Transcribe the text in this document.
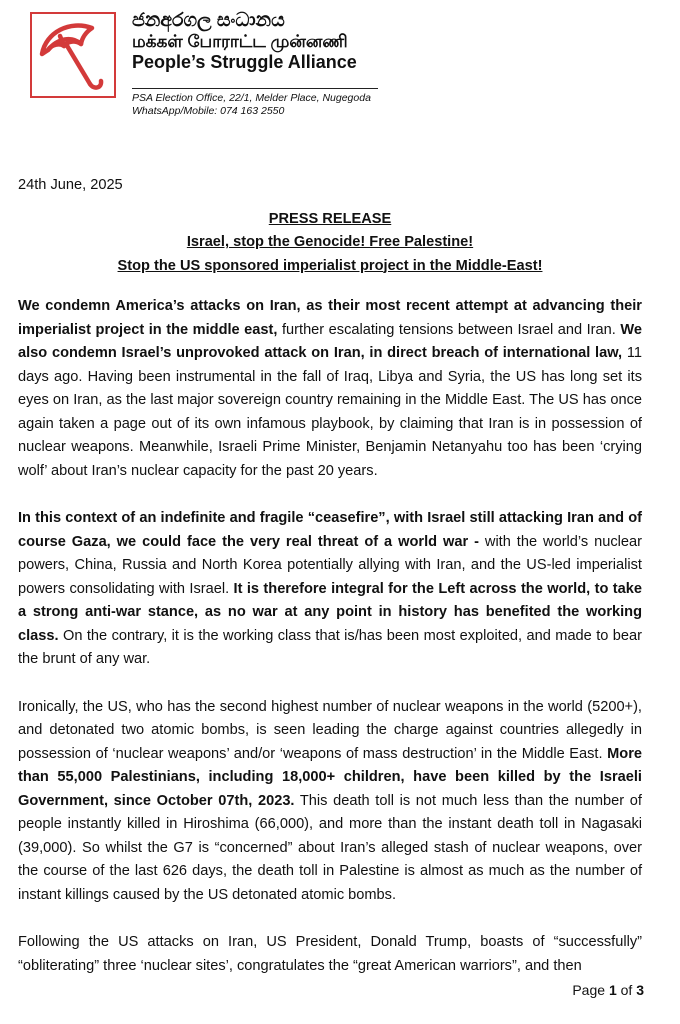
ජනඅරගල සංධානය
மக்கள் போராட்ட முன்னணி
People’s Struggle Alliance
PSA Election Office, 22/1, Melder Place, Nugegoda
WhatsApp/Mobile: 074 163 2550

24th June, 2025

PRESS RELEASE

Israel, stop the Genocide! Free Palestine!

Stop the US sponsored imperialist project in the Middle-East!

We condemn America’s attacks on Iran, as their most recent attempt at advancing their imperialist project in the middle east, further escalating tensions between Israel and Iran. We also condemn Israel’s unprovoked attack on Iran, in direct breach of international law, 11 days ago. Having been instrumental in the fall of Iraq, Libya and Syria, the US has long set its eyes on Iran, as the last major sovereign country remaining in the Middle East. The US has once again taken a page out of its own infamous playbook, by claiming that Iran is in possession of nuclear weapons. Meanwhile, Israeli Prime Minister, Benjamin Netanyahu too has been ‘crying wolf’ about Iran’s nuclear capacity for the past 20 years.

In this context of an indefinite and fragile “ceasefire”, with Israel still attacking Iran and of course Gaza, we could face the very real threat of a world war - with the world’s nuclear powers, China, Russia and North Korea potentially allying with Iran, and the US-led imperialist powers consolidating with Israel. It is therefore integral for the Left across the world, to take a strong anti-war stance, as no war at any point in history has benefited the working class. On the contrary, it is the working class that is/has been most exploited, and made to bear the brunt of any war.

Ironically, the US, who has the second highest number of nuclear weapons in the world (5200+), and detonated two atomic bombs, is seen leading the charge against countries allegedly in possession of ‘nuclear weapons’ and/or ‘weapons of mass destruction’ in the Middle East. More than 55,000 Palestinians, including 18,000+ children, have been killed by the Israeli Government, since October 07th, 2023. This death toll is not much less than the number of people instantly killed in Hiroshima (66,000), and more than the instant death toll in Nagasaki (39,000). So whilst the G7 is “concerned” about Iran’s alleged stash of nuclear weapons, over the course of the last 626 days, the death toll in Palestine is almost as much as the number of instant killings caused by the US detonated atomic bombs.

Following the US attacks on Iran, US President, Donald Trump, boasts of “successfully” “obliterating” three ‘nuclear sites’, congratulates the “great American warriors”, and then

Page 1 of 3
